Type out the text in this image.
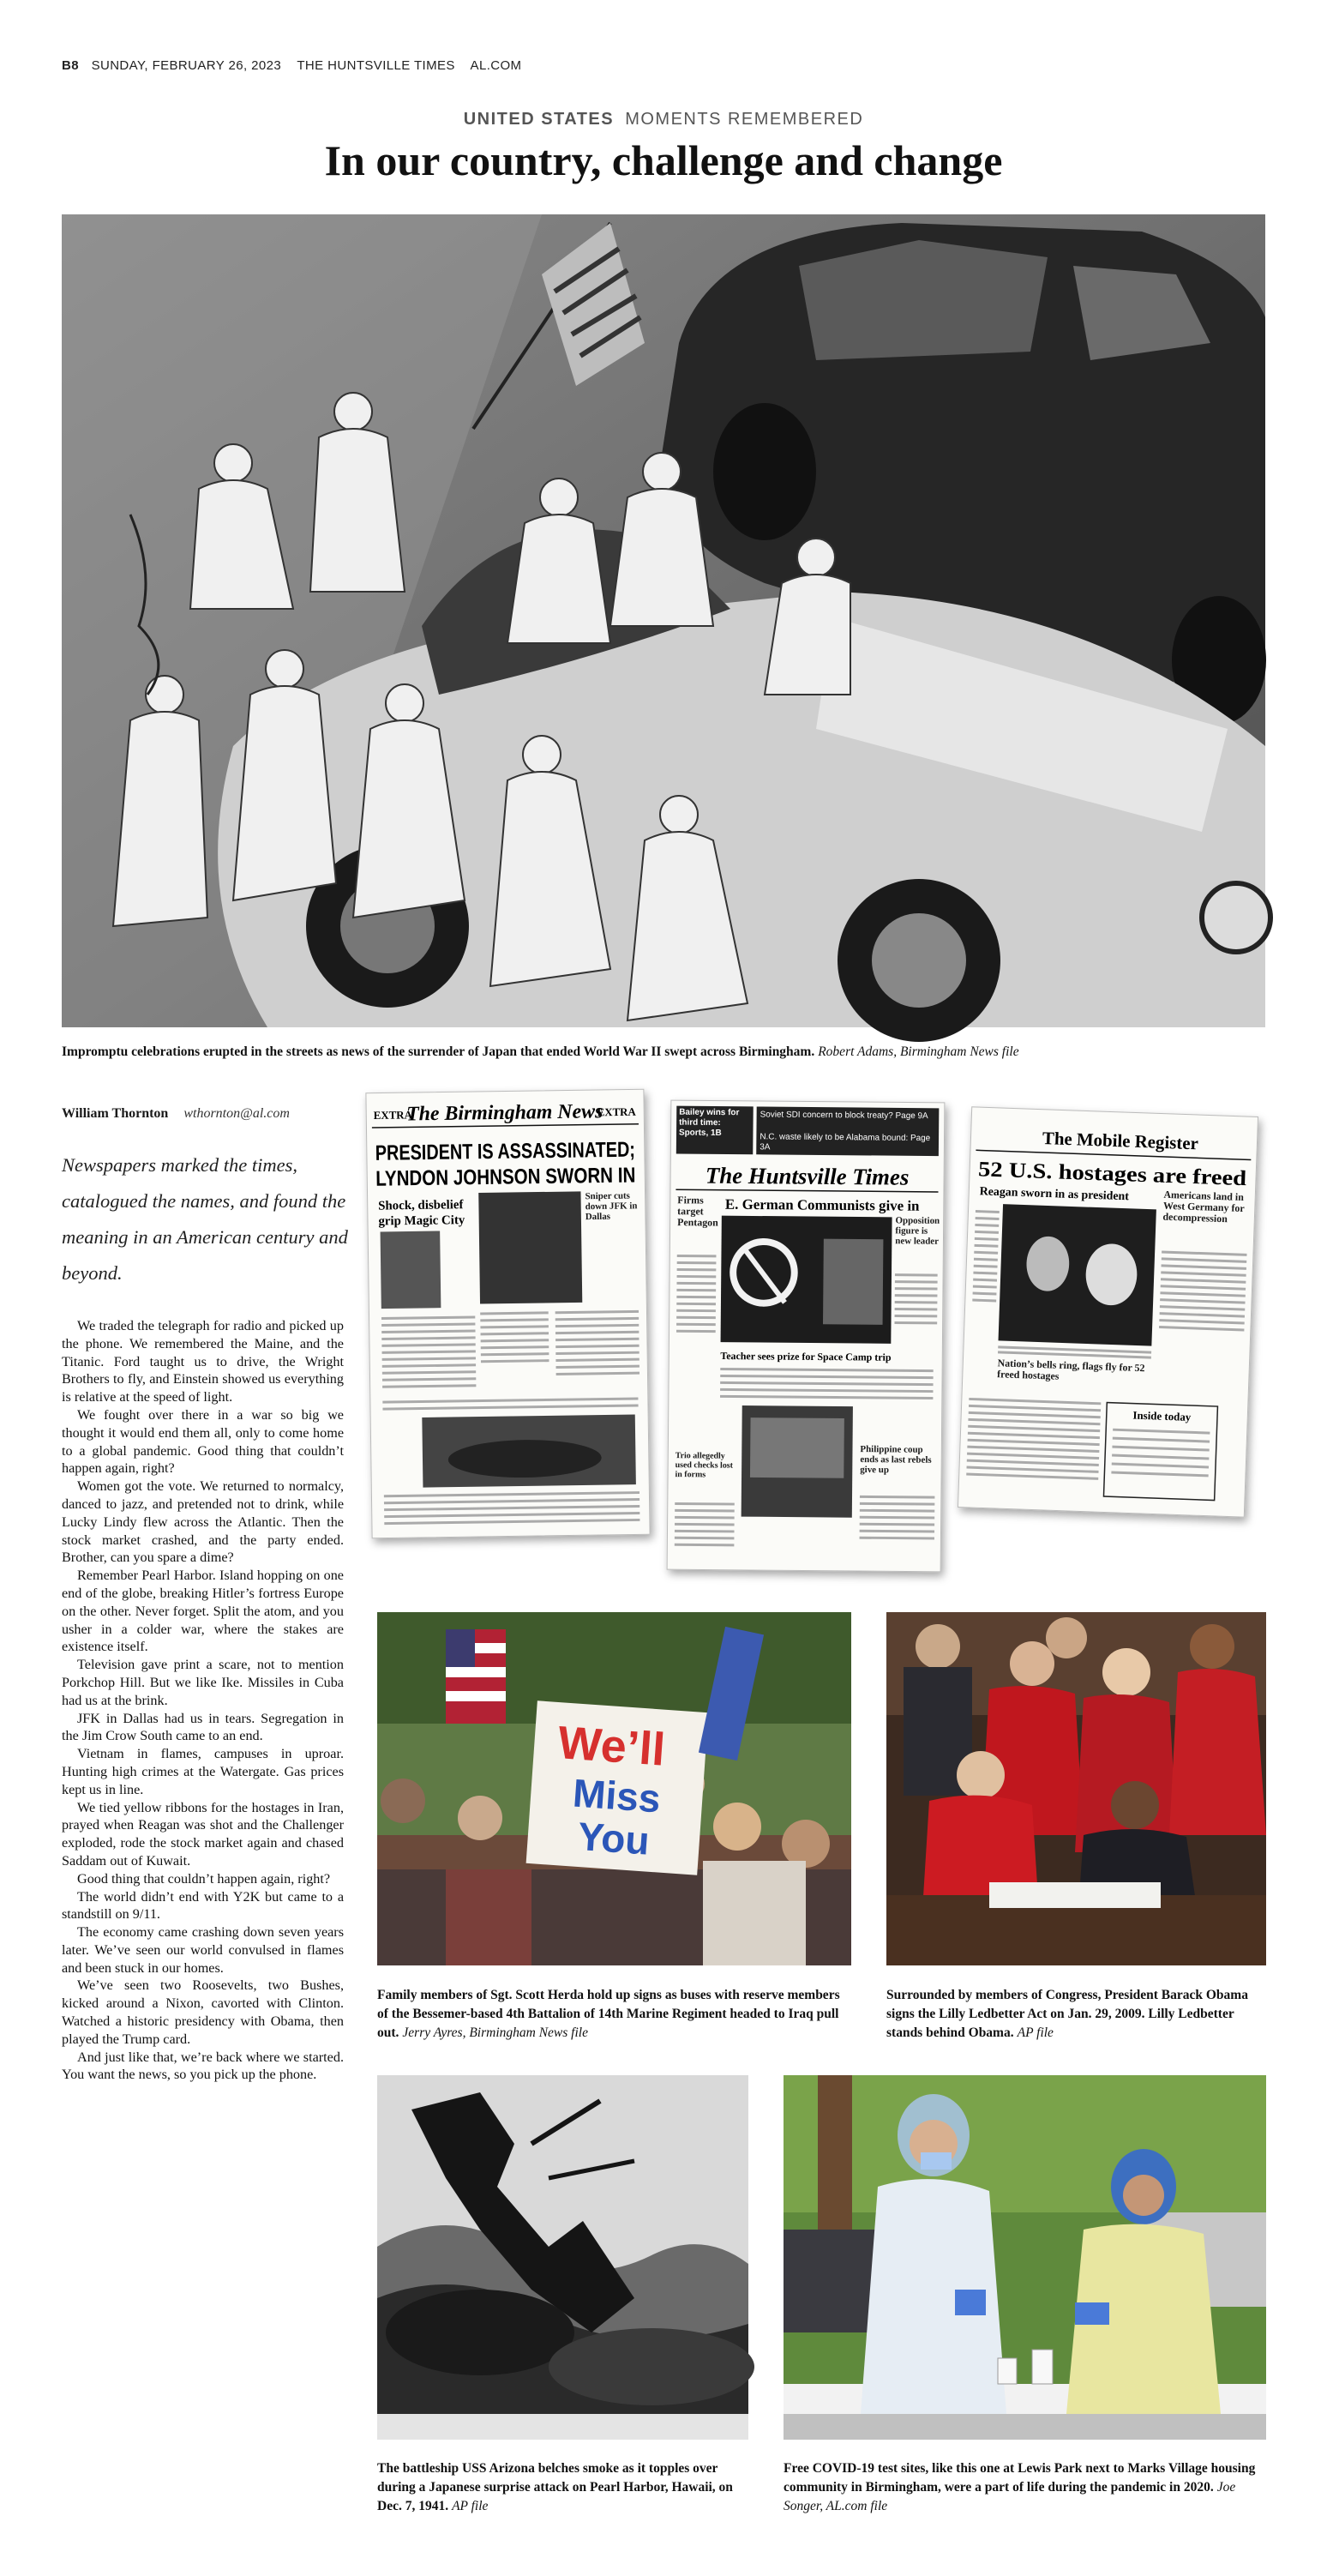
B8 SUNDAY, FEBRUARY 26, 2023 THE HUNTSVILLE TIMES AL.COM
UNITED STATES MOMENTS REMEMBERED
In our country, challenge and change
Impromptu celebrations erupted in the streets as news of the surrender of Japan that ended World War II swept across Birmingham. Robert Adams, Birmingham News file
William Thornton wthornton@al.com
Newspapers marked the times, catalogued the names, and found the meaning in an American century and beyond.

We traded the telegraph for radio and picked up the phone. We remembered the Maine, and the Titanic. Ford taught us to drive, the Wright Brothers to fly, and Einstein showed us everything is relative at the speed of light.

We fought over there in a war so big we thought it would end them all, only to come home to a global pandemic. Good thing that couldn’t happen again, right?

Women got the vote. We returned to normalcy, danced to jazz, and pretended not to drink, while Lucky Lindy flew across the Atlantic. Then the stock market crashed, and the party ended. Brother, can you spare a dime?

Remember Pearl Harbor. Island hopping on one end of the globe, breaking Hitler’s fortress Europe on the other. Never forget. Split the atom, and you usher in a colder war, where the stakes are existence itself.

Television gave print a scare, not to mention Porkchop Hill. But we like Ike. Missiles in Cuba had us at the brink.

JFK in Dallas had us in tears. Segregation in the Jim Crow South came to an end.

Vietnam in flames, campuses in uproar. Hunting high crimes at the Watergate. Gas prices kept us in line.

We tied yellow ribbons for the hostages in Iran, prayed when Reagan was shot and the Challenger exploded, rode the stock market again and chased Saddam out of Kuwait.

Good thing that couldn’t happen again, right?

The world didn’t end with Y2K but came to a standstill on 9/11.

The economy came crashing down seven years later. We’ve seen our world convulsed in flames and been stuck in our homes.

We’ve seen two Roosevelts, two Bushes, kicked around a Nixon, cavorted with Clinton. Watched a historic presidency with Obama, then played the Trump card.

And just like that, we’re back where we started. You want the news, so you pick up the phone.

EXTRA
The Birmingham News
EXTRA
PRESIDENT IS ASSASSINATED;
LYNDON JOHNSON SWORN IN
Shock, disbelief
grip Magic City
Sniper cuts down JFK in Dallas
Bailey wins for third time: Sports, 1B
Soviet SDI concern to block treaty? Page 9A
N.C. waste likely to be Alabama bound: Page 3A
The Huntsville Times
Firms target Pentagon
E. German Communists give in
Opposition figure is new leader
Teacher sees prize for Space Camp trip
Trio allegedly used checks lost in forms
Philippine coup ends as last rebels give up
The Mobile Register
52 U.S. hostages are freed
Reagan sworn in as president	Americans land in West Germany for decompression
Nation’s bells ring, flags fly for 52 freed hostages
Inside today
We’ll
Miss
You
Family members of Sgt. Scott Herda hold up signs as buses with reserve members of the Bessemer-based 4th Battalion of 14th Marine Regiment headed to Iraq pull out. Jerry Ayres, Birmingham News file
Surrounded by members of Congress, President Barack Obama signs the Lilly Ledbetter Act on Jan. 29, 2009. Lilly Ledbetter stands behind Obama. AP file
The battleship USS Arizona belches smoke as it topples over during a Japanese surprise attack on Pearl Harbor, Hawaii, on Dec. 7, 1941. AP file
Free COVID-19 test sites, like this one at Lewis Park next to Marks Village housing community in Birmingham, were a part of life during the pandemic in 2020. Joe Songer, AL.com file
